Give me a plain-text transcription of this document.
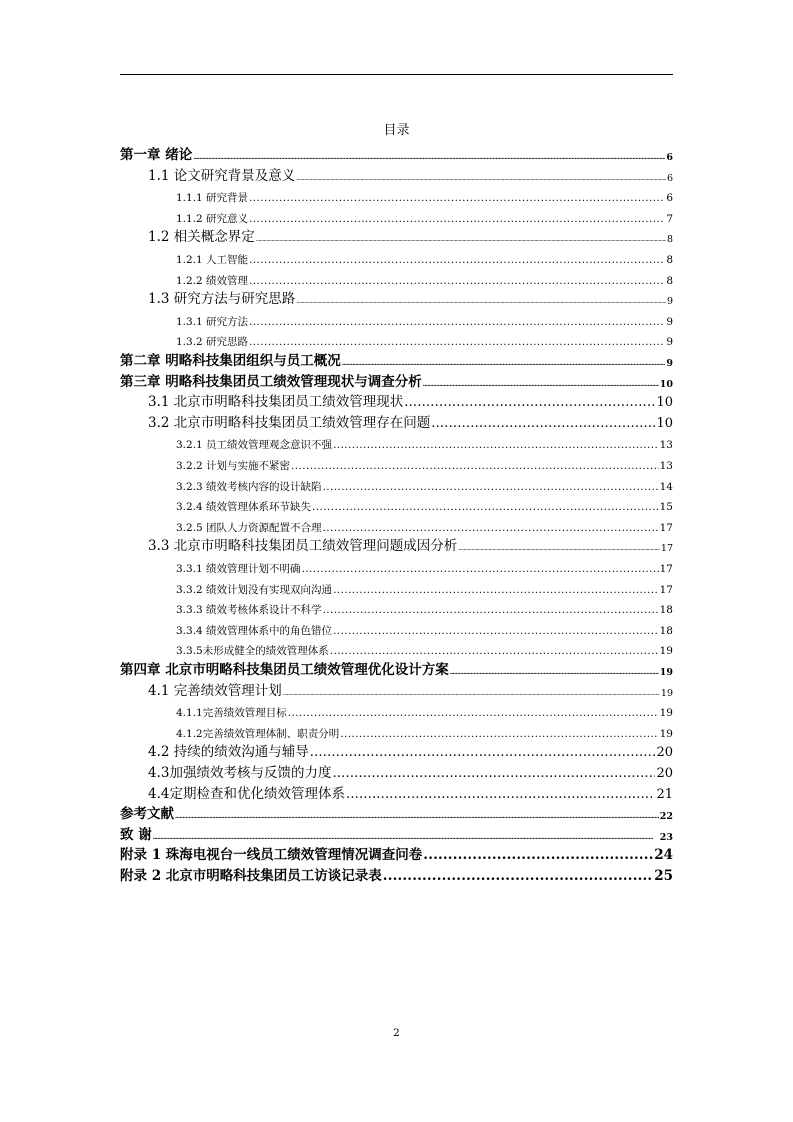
目录
第一章 绪论 .....	6
1.1 论文研究背景及意义 .....	6
1.1.1 研究背景 .....	6
1.1.2 研究意义 .....	7
1.2 相关概念界定 .....	8
1.2.1 人工智能 .....	8
1.2.2 绩效管理 .....	8
1.3 研究方法与研究思路 .....	9
1.3.1 研究方法 .....	9
1.3.2 研究思路 .....	9
第二章 明略科技集团组织与员工概况 .....	9
第三章 明略科技集团员工绩效管理现状与调查分析 .....	10
3.1 北京市明略科技集团员工绩效管理现状 .....	10
3.2 北京市明略科技集团员工绩效管理存在问题 .....	10
3.2.1 员工绩效管理观念意识不强 .....	13
3.2.2 计划与实施不紧密 .....	13
3.2.3 绩效考核内容的设计缺陷 .....	14
3.2.4 绩效管理体系环节缺失 .....	15
3.2.5 团队人力资源配置不合理 .....	17
3.3 北京市明略科技集团员工绩效管理问题成因分析 .....	17
3.3.1 绩效管理计划不明确 .....	17
3.3.2 绩效计划没有实现双向沟通 .....	17
3.3.3 绩效考核体系设计不科学 .....	18
3.3.4 绩效管理体系中的角色错位 .....	18
3.3.5未形成健全的绩效管理体系 .....	19
第四章 北京市明略科技集团员工绩效管理优化设计方案 .....	19
4.1 完善绩效管理计划 .....	19
4.1.1完善绩效管理目标 .....	19
4.1.2完善绩效管理体制、职责分明 .....	19
4.2 持续的绩效沟通与辅导 .....	20
4.3加强绩效考核与反馈的力度 .....	20
4.4定期检查和优化绩效管理体系 .....	21
参考文献 .....	22
致 谢 .....	23
附录 1 珠海电视台一线员工绩效管理情况调查问卷 .....	24
附录 2 北京市明略科技集团员工访谈记录表 .....	25
2
